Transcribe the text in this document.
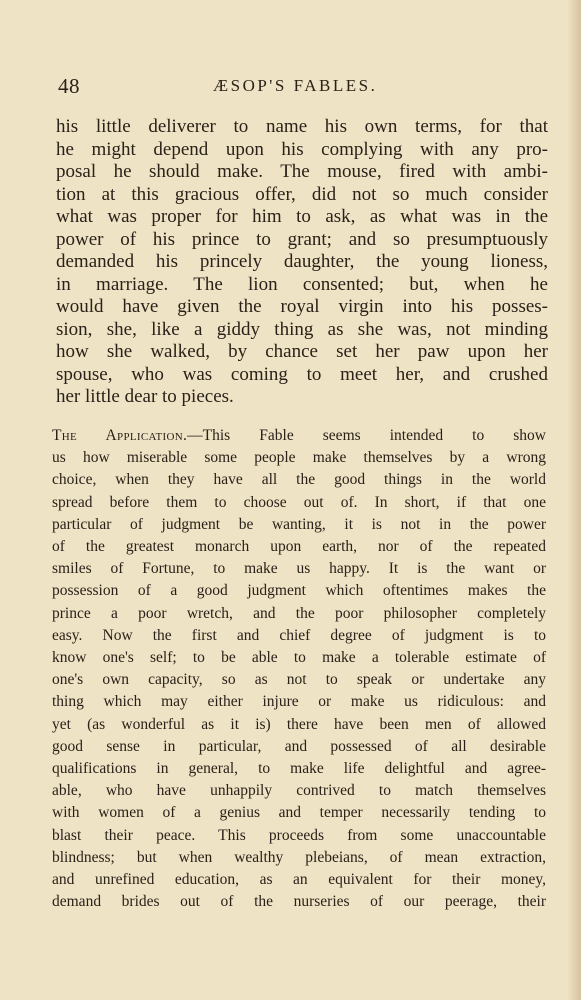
48	ÆSOP'S FABLES.
his little deliverer to name his own terms, for that
he might depend upon his complying with any pro-
posal he should make. The mouse, fired with ambi-
tion at this gracious offer, did not so much consider
what was proper for him to ask, as what was in the
power of his prince to grant; and so presumptuously
demanded his princely daughter, the young lioness,
in marriage. The lion consented; but, when he
would have given the royal virgin into his posses-
sion, she, like a giddy thing as she was, not minding
how she walked, by chance set her paw upon her
spouse, who was coming to meet her, and crushed
her little dear to pieces.
The Application.—This Fable seems intended to show
us how miserable some people make themselves by a wrong
choice, when they have all the good things in the world
spread before them to choose out of. In short, if that one
particular of judgment be wanting, it is not in the power
of the greatest monarch upon earth, nor of the repeated
smiles of Fortune, to make us happy. It is the want or
possession of a good judgment which oftentimes makes the
prince a poor wretch, and the poor philosopher completely
easy. Now the first and chief degree of judgment is to
know one's self; to be able to make a tolerable estimate of
one's own capacity, so as not to speak or undertake any
thing which may either injure or make us ridiculous: and
yet (as wonderful as it is) there have been men of allowed
good sense in particular, and possessed of all desirable
qualifications in general, to make life delightful and agree-
able, who have unhappily contrived to match themselves
with women of a genius and temper necessarily tending to
blast their peace. This proceeds from some unaccountable
blindness; but when wealthy plebeians, of mean extraction,
and unrefined education, as an equivalent for their money,
demand brides out of the nurseries of our peerage, their
